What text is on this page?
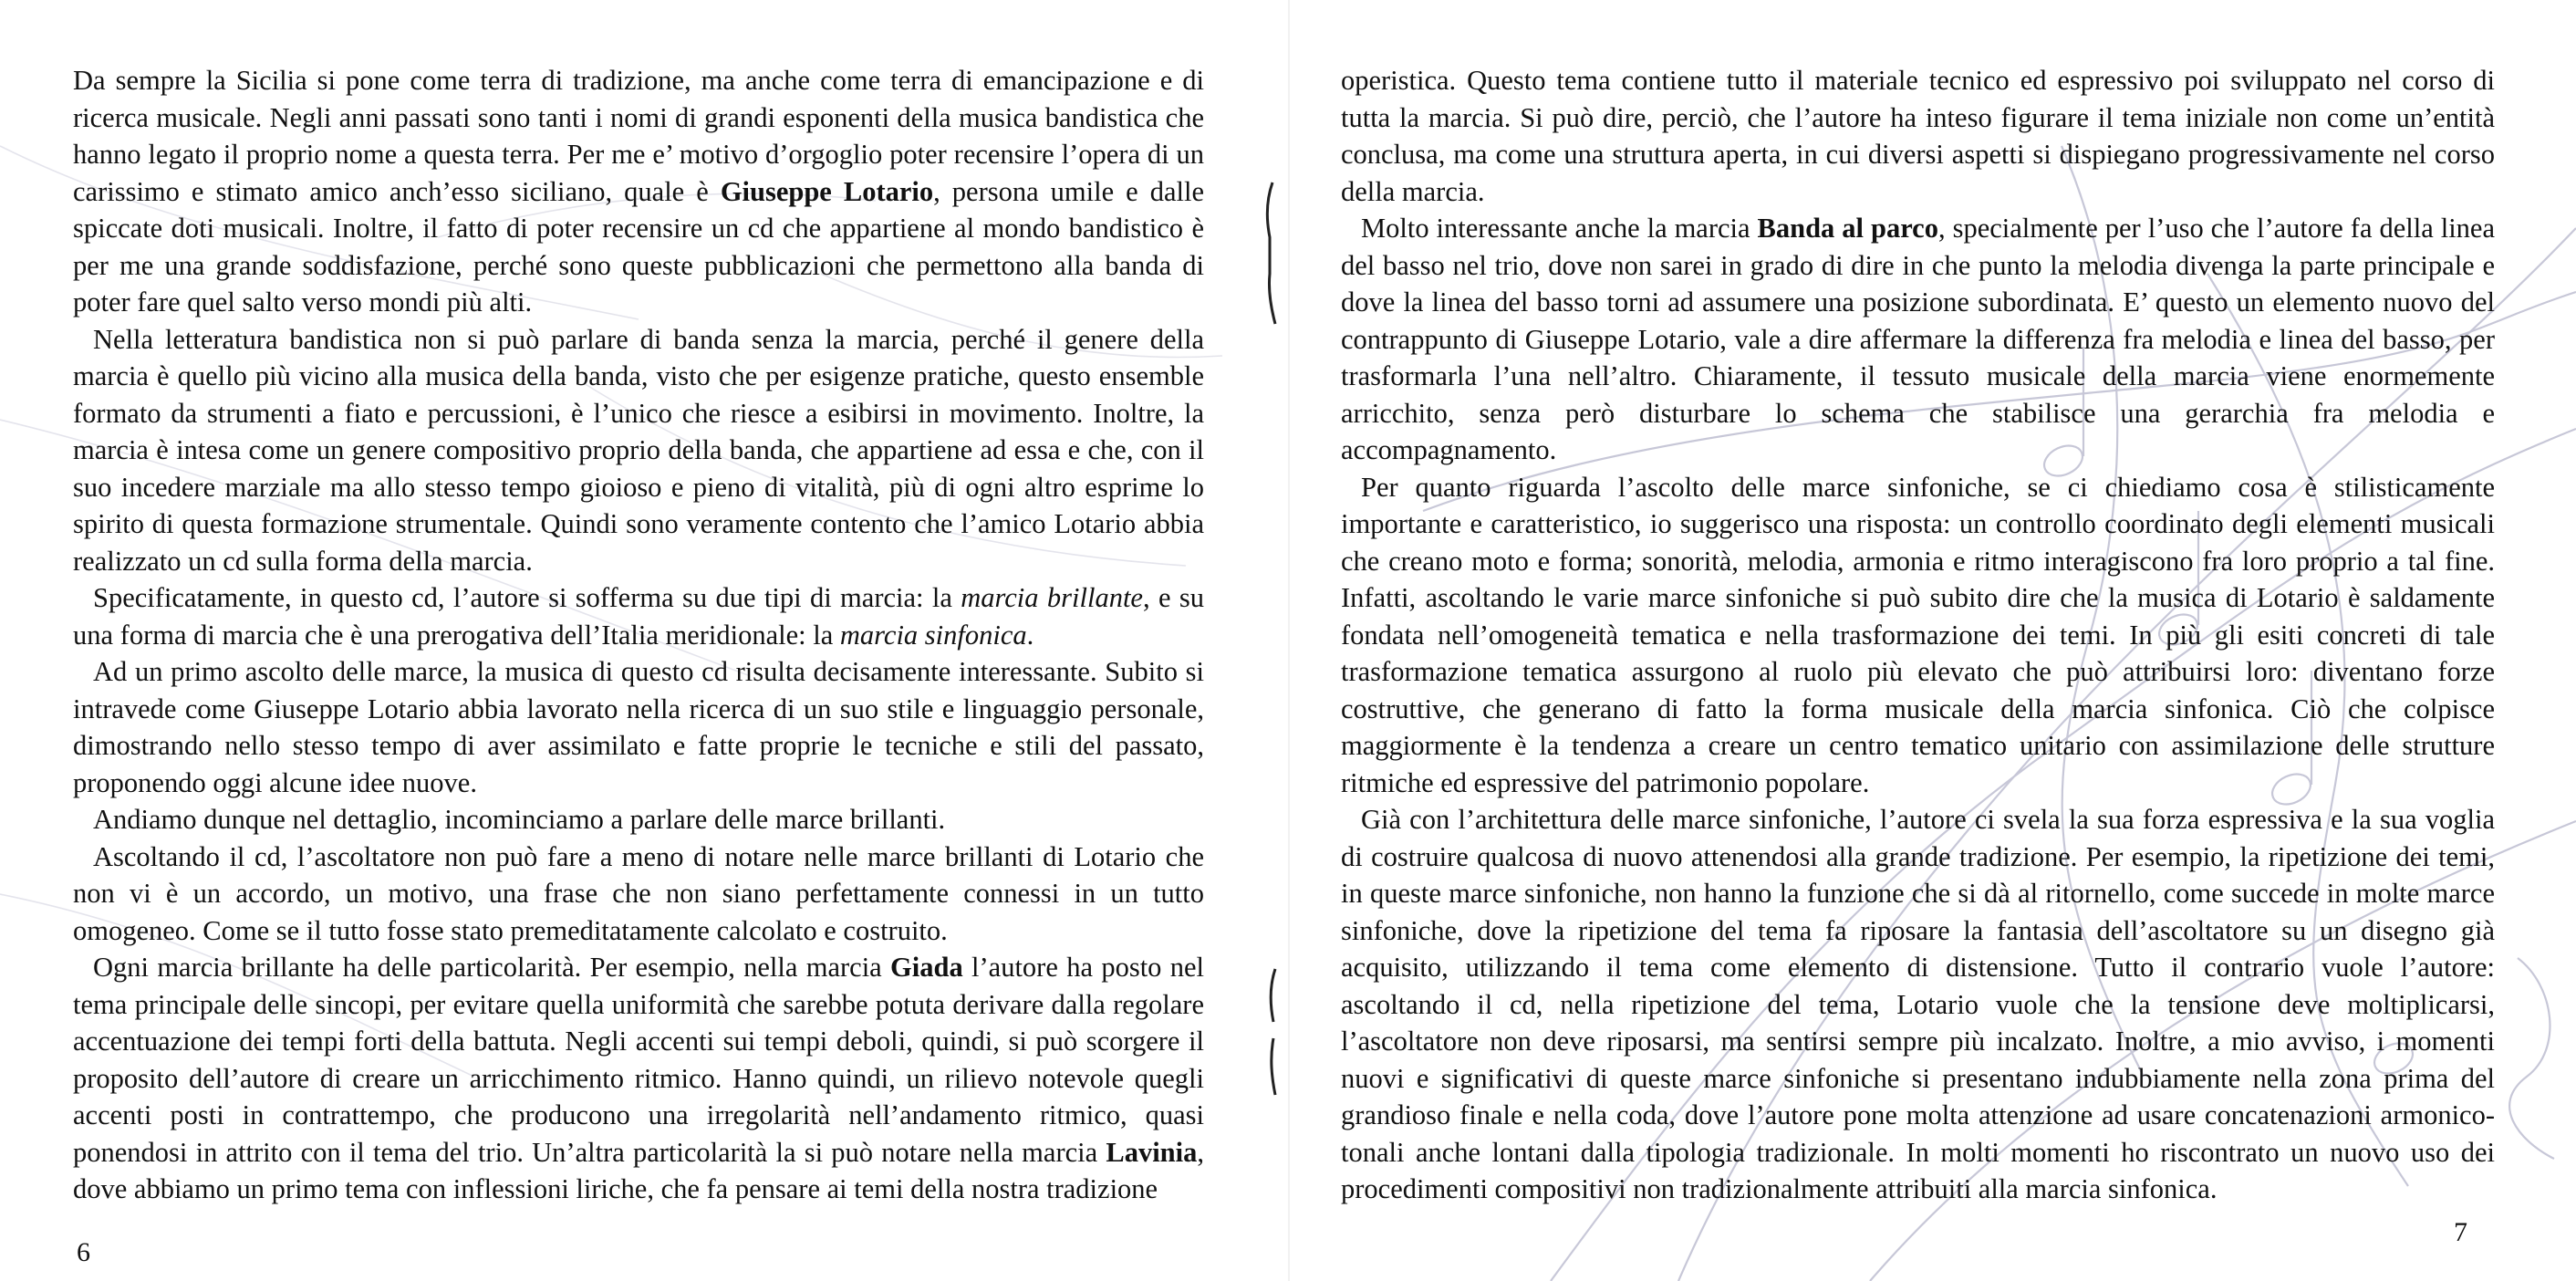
Da sempre la Sicilia si pone come terra di tradizione, ma anche come terra di emancipazione e di ricerca musicale. Negli anni passati sono tanti i nomi di grandi esponenti della musica bandistica che hanno legato il proprio nome a questa terra. Per me e’ motivo d’orgoglio poter recensire l’opera di un carissimo e stimato amico anch’esso siciliano, quale è Giuseppe Lotario, persona umile e dalle spiccate doti musicali. Inoltre, il fatto di poter recensire un cd che appartiene al mondo bandistico è per me una grande soddisfazione, perché sono queste pubblicazioni che permettono alla banda di poter fare quel salto verso mondi più alti.

Nella letteratura bandistica non si può parlare di banda senza la marcia, perché il genere della marcia è quello più vicino alla musica della banda, visto che per esigenze pratiche, questo ensemble formato da strumenti a fiato e percussioni, è l’unico che riesce a esibirsi in movimento. Inoltre, la marcia è intesa come un genere compositivo proprio della banda, che appartiene ad essa e che, con il suo incedere marziale ma allo stesso tempo gioioso e pieno di vitalità, più di ogni altro esprime lo spirito di questa formazione strumentale. Quindi sono veramente contento che l’amico Lotario abbia realizzato un cd sulla forma della marcia.

Specificatamente, in questo cd, l’autore si sofferma su due tipi di marcia: la marcia brillante, e su una forma di marcia che è una prerogativa dell’Italia meridionale: la marcia sinfonica.

Ad un primo ascolto delle marce, la musica di questo cd risulta decisamente interessante. Subito si intravede come Giuseppe Lotario abbia lavorato nella ricerca di un suo stile e linguaggio personale, dimostrando nello stesso tempo di aver assimilato e fatte proprie le tecniche e stili del passato, proponendo oggi alcune idee nuove.

Andiamo dunque nel dettaglio, incominciamo a parlare delle marce brillanti.

Ascoltando il cd, l’ascoltatore non può fare a meno di notare nelle marce brillanti di Lotario che non vi è un accordo, un motivo, una frase che non siano perfettamente connessi in un tutto omogeneo. Come se il tutto fosse stato premeditatamente calcolato e costruito.

Ogni marcia brillante ha delle particolarità. Per esempio, nella marcia Giada l’autore ha posto nel tema principale delle sincopi, per evitare quella uniformità che sarebbe potuta derivare dalla regolare accentuazione dei tempi forti della battuta. Negli accenti sui tempi deboli, quindi, si può scorgere il proposito dell’autore di creare un arricchimento ritmico. Hanno quindi, un rilievo notevole quegli accenti posti in contrattempo, che producono una irregolarità nell’andamento ritmico, quasi ponendosi in attrito con il tema del trio. Un’altra particolarità la si può notare nella marcia Lavinia, dove abbiamo un primo tema con inflessioni liriche, che fa pensare ai temi della nostra tradizione

operistica. Questo tema contiene tutto il materiale tecnico ed espressivo poi sviluppato nel corso di tutta la marcia. Si può dire, perciò, che l’autore ha inteso figurare il tema iniziale non come un’entità conclusa, ma come una struttura aperta, in cui diversi aspetti si dispiegano progressivamente nel corso della marcia.

Molto interessante anche la marcia Banda al parco, specialmente per l’uso che l’autore fa della linea del basso nel trio, dove non sarei in grado di dire in che punto la melodia divenga la parte principale e dove la linea del basso torni ad assumere una posizione subordinata. E’ questo un elemento nuovo del contrappunto di Giuseppe Lotario, vale a dire affermare la differenza fra melodia e linea del basso, per trasformarla l’una nell’altro. Chiaramente, il tessuto musicale della marcia viene enormemente arricchito, senza però disturbare lo schema che stabilisce una gerarchia fra melodia e accompagnamento.

Per quanto riguarda l’ascolto delle marce sinfoniche, se ci chiediamo cosa è stilisticamente importante e caratteristico, io suggerisco una risposta: un controllo coordinato degli elementi musicali che creano moto e forma; sonorità, melodia, armonia e ritmo interagiscono fra loro proprio a tal fine. Infatti, ascoltando le varie marce sinfoniche si può subito dire che la musica di Lotario è saldamente fondata nell’omogeneità tematica e nella trasformazione dei temi. In più gli esiti concreti di tale trasformazione tematica assurgono al ruolo più elevato che può attribuirsi loro: diventano forze costruttive, che generano di fatto la forma musicale della marcia sinfonica. Ciò che colpisce maggiormente è la tendenza a creare un centro tematico unitario con assimilazione delle strutture ritmiche ed espressive del patrimonio popolare.

Già con l’architettura delle marce sinfoniche, l’autore ci svela la sua forza espressiva e la sua voglia di costruire qualcosa di nuovo attenendosi alla grande tradizione. Per esempio, la ripetizione dei temi, in queste marce sinfoniche, non hanno la funzione che si dà al ritornello, come succede in molte marce sinfoniche, dove la ripetizione del tema fa riposare la fantasia dell’ascoltatore su un disegno già acquisito, utilizzando il tema come elemento di distensione. Tutto il contrario vuole l’autore: ascoltando il cd, nella ripetizione del tema, Lotario vuole che la tensione deve moltiplicarsi, l’ascoltatore non deve riposarsi, ma sentirsi sempre più incalzato. Inoltre, a mio avviso, i momenti nuovi e significativi di queste marce sinfoniche si presentano indubbiamente nella zona prima del grandioso finale e nella coda, dove l’autore pone molta attenzione ad usare concatenazioni armonico-tonali anche lontani dalla tipologia tradizionale. In molti momenti ho riscontrato un nuovo uso dei procedimenti compositivi non tradizionalmente attribuiti alla marcia sinfonica.

6
7
